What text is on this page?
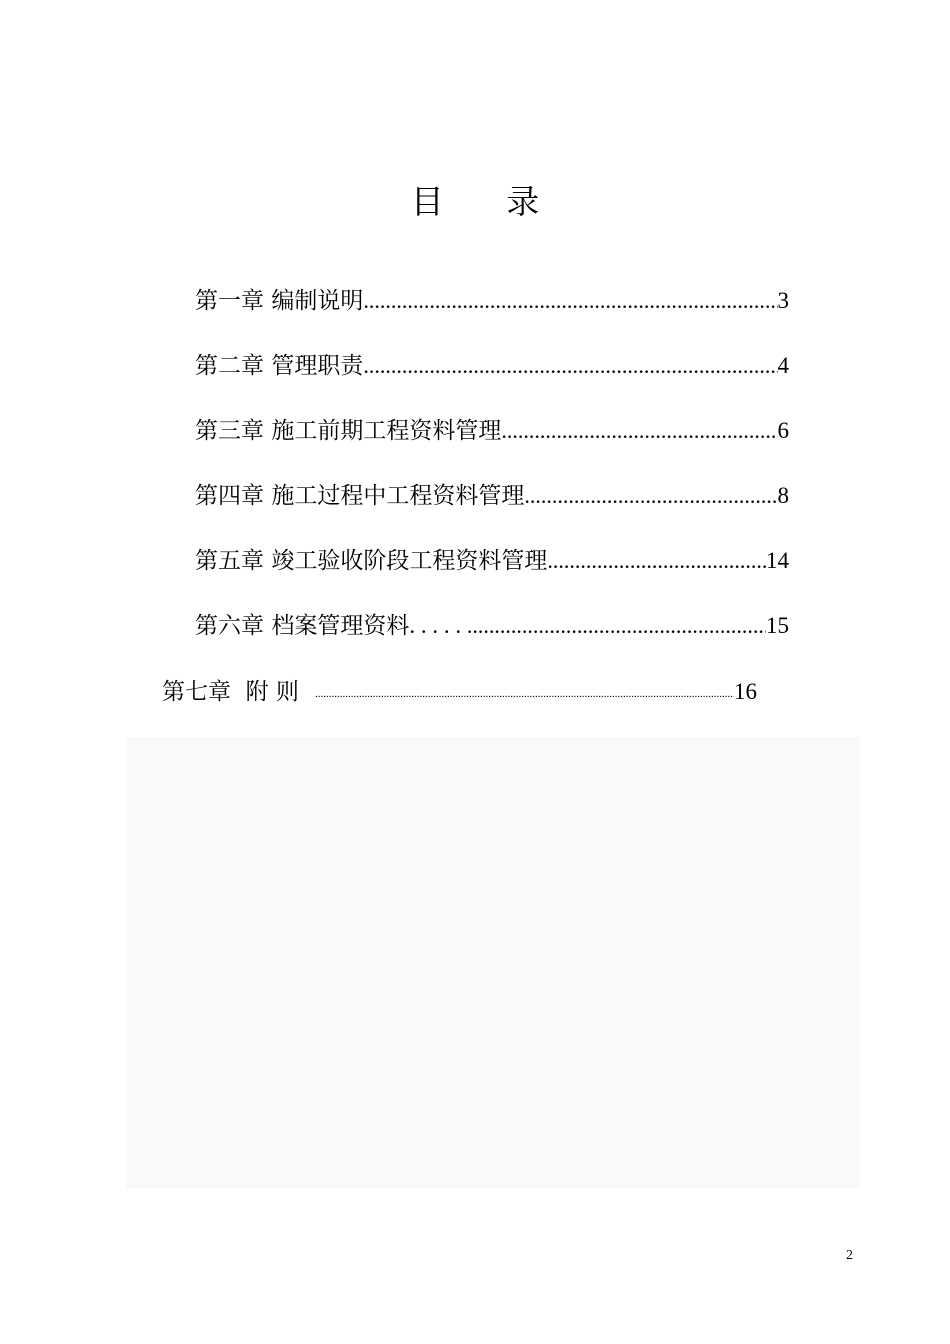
目 录
第一章 编制说明 .....	3
第二章 管理职责 .....	4
第三章 施工前期工程资料管理 .....	6
第四章 施工过程中工程资料管理 .....	8
第五章 竣工验收阶段工程资料管理 .....	14
第六章 档案管理资料. . . . . .....	15
第七章 附 则 .....	16
2
